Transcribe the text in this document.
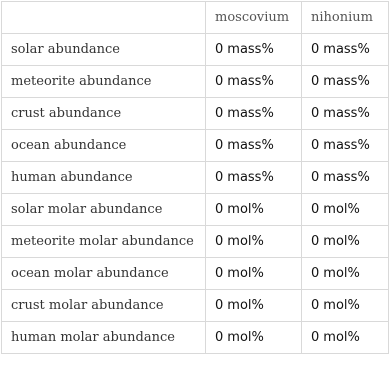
	moscovium	nihonium
solar abundance	0 mass%	0 mass%
meteorite abundance	0 mass%	0 mass%
crust abundance	0 mass%	0 mass%
ocean abundance	0 mass%	0 mass%
human abundance	0 mass%	0 mass%
solar molar abundance	0 mol%	0 mol%
meteorite molar abundance	0 mol%	0 mol%
ocean molar abundance	0 mol%	0 mol%
crust molar abundance	0 mol%	0 mol%
human molar abundance	0 mol%	0 mol%
